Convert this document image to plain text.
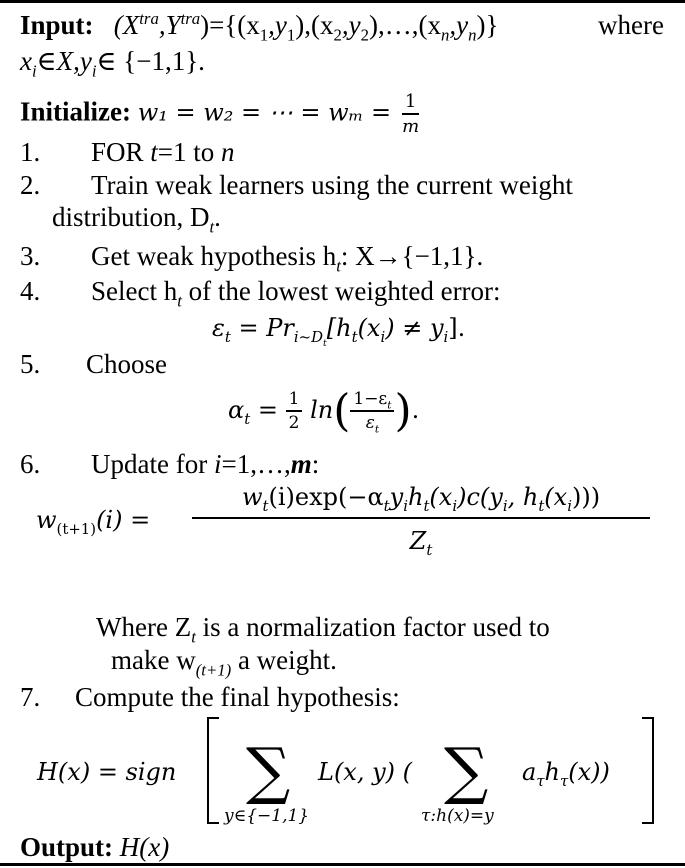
Input: $(X^{tra},Y^{tra})=\{(x_1,y_1),(x_2,y_2),\dots,(x_n,y_n)\}$	where
$x_i\in X,y_i\in$ {−1,1}.
Initialize: w₁ = w₂ = ⋯ = $w_m = \frac{1}{m}$
1. FOR t=1 to n
2. Train weak learners using the current weight
distribution, $D_t$.
3. Get weak hypothesis $h_t$: X→{−1,1}.
4. Select $h_t$ of the lowest weighted error:
$\varepsilon_t = Pr_{i\sim D_t}[h_t(x_i) \ne y_i]$.
5. Choose
$\alpha_t = \frac{1}{2} \ln( \frac{1-\varepsilon_t}{\varepsilon_t}$ ).
6. Update for i=1,…,m:
$w_{(t+1)}(i)$ =
$w_t(i)\exp(-\alpha_ty_ih_t(x_i)c(y_i$, $h_t(x_i)$))
$Z_t$
Where $Z_t$ is a normalization factor used to
make $w_{(t+1)}$ a weight.
7. Compute the final hypothesis:
H(x) = sign ∑
y∈{−1,1}
L(x, y) ( ∑
τ:h(x)=y
$a_\tau h_\tau(x)$)
Output: H(x)
